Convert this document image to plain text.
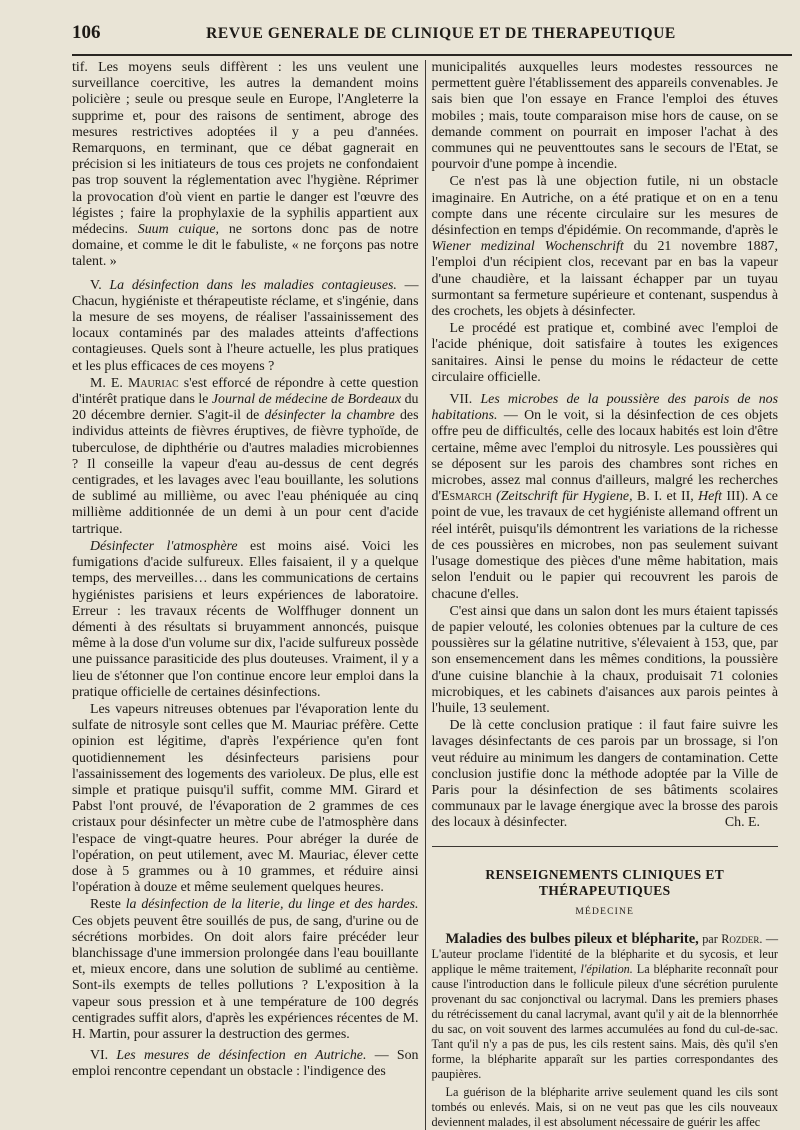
106	REVUE GENERALE DE CLINIQUE ET DE THERAPEUTIQUE

tif. Les moyens seuls diffèrent : les uns veulent une surveillance coercitive, les autres la demandent moins policière ; seule ou presque seule en Europe, l'Angleterre la supprime et, pour des raisons de sentiment, abroge des mesures restrictives adoptées il y a peu d'années. Remarquons, en terminant, que ce débat gagnerait en précision si les initiateurs de tous ces projets ne confondaient pas trop souvent la réglementation avec l'hygiène. Réprimer la provocation d'où vient en partie le danger est l'œuvre des légistes ; faire la prophylaxie de la syphilis appartient aux médecins. Suum cuique, ne sortons donc pas de notre domaine, et comme le dit le fabuliste, « ne forçons pas notre talent. »

V. La désinfection dans les maladies contagieuses. — Chacun, hygiéniste et thérapeutiste réclame, et s'ingénie, dans la mesure de ses moyens, de réaliser l'assainissement des locaux contaminés par des malades atteints d'affections contagieuses. Quels sont à l'heure actuelle, les plus pratiques et les plus efficaces de ces moyens ?

M. E. Mauriac s'est efforcé de répondre à cette question d'intérêt pratique dans le Journal de médecine de Bordeaux du 20 décembre dernier. S'agit-il de désinfecter la chambre des individus atteints de fièvres éruptives, de fièvre typhoïde, de tuberculose, de diphthérie ou d'autres maladies microbiennes ? Il conseille la vapeur d'eau au-dessus de cent degrés centigrades, et les lavages avec l'eau bouillante, les solutions de sublimé au millième, ou avec l'eau phéniquée au cinq millième additionnée de un demi à un pour cent d'acide tartrique.

Désinfecter l'atmosphère est moins aisé. Voici les fumigations d'acide sulfureux. Elles faisaient, il y a quelque temps, des merveilles… dans les communications de certains hygiénistes parisiens et leurs expériences de laboratoire. Erreur : les travaux récents de Wolffhuger donnent un démenti à des résultats si bruyamment annoncés, puisque même à la dose d'un volume sur dix, l'acide sulfureux possède une puissance parasiticide des plus douteuses. Vraiment, il y a lieu de s'étonner que l'on continue encore leur emploi dans la pratique officielle de certaines désinfections.

Les vapeurs nitreuses obtenues par l'évaporation lente du sulfate de nitrosyle sont celles que M. Mauriac préfère. Cette opinion est légitime, d'après l'expérience qu'en font quotidiennement les désinfecteurs parisiens pour l'assainissement des logements des varioleux. De plus, elle est simple et pratique puisqu'il suffit, comme MM. Girard et Pabst l'ont prouvé, de l'évaporation de 2 grammes de ces cristaux pour désinfecter un mètre cube de l'atmosphère dans l'espace de vingt-quatre heures. Pour abréger la durée de l'opération, on peut utilement, avec M. Mauriac, élever cette dose à 5 grammes ou à 10 grammes, et réduire ainsi l'opération à douze et même seulement quelques heures.

Reste la désinfection de la literie, du linge et des hardes. Ces objets peuvent être souillés de pus, de sang, d'urine ou de sécrétions morbides. On doit alors faire précéder leur blanchissage d'une immersion prolongée dans l'eau bouillante et, mieux encore, dans une solution de sublimé au centième. Sont-ils exempts de telles pollutions ? L'exposition à la vapeur sous pression et à une température de 100 degrés centigrades suffit alors, d'après les expériences récentes de M. H. Martin, pour assurer la destruction des germes.

VI. Les mesures de désinfection en Autriche. — Son emploi rencontre cependant un obstacle : l'indigence des

municipalités auxquelles leurs modestes ressources ne permettent guère l'établissement des appareils convenables. Je sais bien que l'on essaye en France l'emploi des étuves mobiles ; mais, toute comparaison mise hors de cause, on se demande comment on pourrait en imposer l'achat à des communes qui ne peuventtoutes sans le secours de l'Etat, se pourvoir d'une pompe à incendie.

Ce n'est pas là une objection futile, ni un obstacle imaginaire. En Autriche, on a été pratique et on en a tenu compte dans une récente circulaire sur les mesures de désinfection en temps d'épidémie. On recommande, d'après le Wiener medizinal Wochenschrift du 21 novembre 1887, l'emploi d'un récipient clos, recevant par en bas la vapeur d'une chaudière, et la laissant échapper par un tuyau surmontant sa fermeture supérieure et contenant, suspendus à des crochets, les objets à désinfecter.

Le procédé est pratique et, combiné avec l'emploi de l'acide phénique, doit satisfaire à toutes les exigences sanitaires. Ainsi le pense du moins le rédacteur de cette circulaire officielle.

VII. Les microbes de la poussière des parois de nos habitations. — On le voit, si la désinfection de ces objets offre peu de difficultés, celle des locaux habités est loin d'être certaine, même avec l'emploi du nitrosyle. Les poussières qui se déposent sur les parois des chambres sont riches en microbes, assez mal connus d'ailleurs, malgré les recherches d'Esmarch (Zeitschrift für Hygiene, B. I. et II, Heft III). A ce point de vue, les travaux de cet hygiéniste allemand offrent un réel intérêt, puisqu'ils démontrent les variations de la richesse de ces poussières en microbes, non pas seulement suivant l'usage domestique des pièces d'une même habitation, mais selon l'enduit ou le papier qui recouvrent les parois de chacune d'elles.

C'est ainsi que dans un salon dont les murs étaient tapissés de papier velouté, les colonies obtenues par la culture de ces poussières sur la gélatine nutritive, s'élevaient à 153, que, par son ensemencement dans les mêmes conditions, la poussière d'une cuisine blanchie à la chaux, produisait 71 colonies microbiques, et les cabinets d'aisances aux parois peintes à l'huile, 13 seulement.

De là cette conclusion pratique : il faut faire suivre les lavages désinfectants de ces parois par un brossage, si l'on veut réduire au minimum les dangers de contamination. Cette conclusion justifie donc la méthode adoptée par la Ville de Paris pour la désinfection de ses bâtiments scolaires communaux par le lavage énergique avec la brosse des parois des locaux à désinfecter.	Ch. E.

RENSEIGNEMENTS CLINIQUES ET THÉRAPEUTIQUES
MÉDECINE

Maladies des bulbes pileux et blépharite, par Rozder. — L'auteur proclame l'identité de la blépharite et du sycosis, et leur applique le même traitement, l'épilation. La blépharite reconnaît pour cause l'introduction dans le follicule pileux d'une sécrétion purulente provenant du sac conjonctival ou lacrymal. Dans les premiers phases du rétrécissement du canal lacrymal, avant qu'il y ait de la blennorrhée du sac, on voit souvent des larmes accumulées au fond du cul-de-sac. Tant qu'il n'y a pas de pus, les cils restent sains. Mais, dès qu'il s'en forme, la blépharite apparaît sur les parties correspondantes des paupières.

La guérison de la blépharite arrive seulement quand les cils sont tombés ou enlevés. Mais, si on ne veut pas que les cils nouveaux deviennent malades, il est absolument nécessaire de guérir les affec
